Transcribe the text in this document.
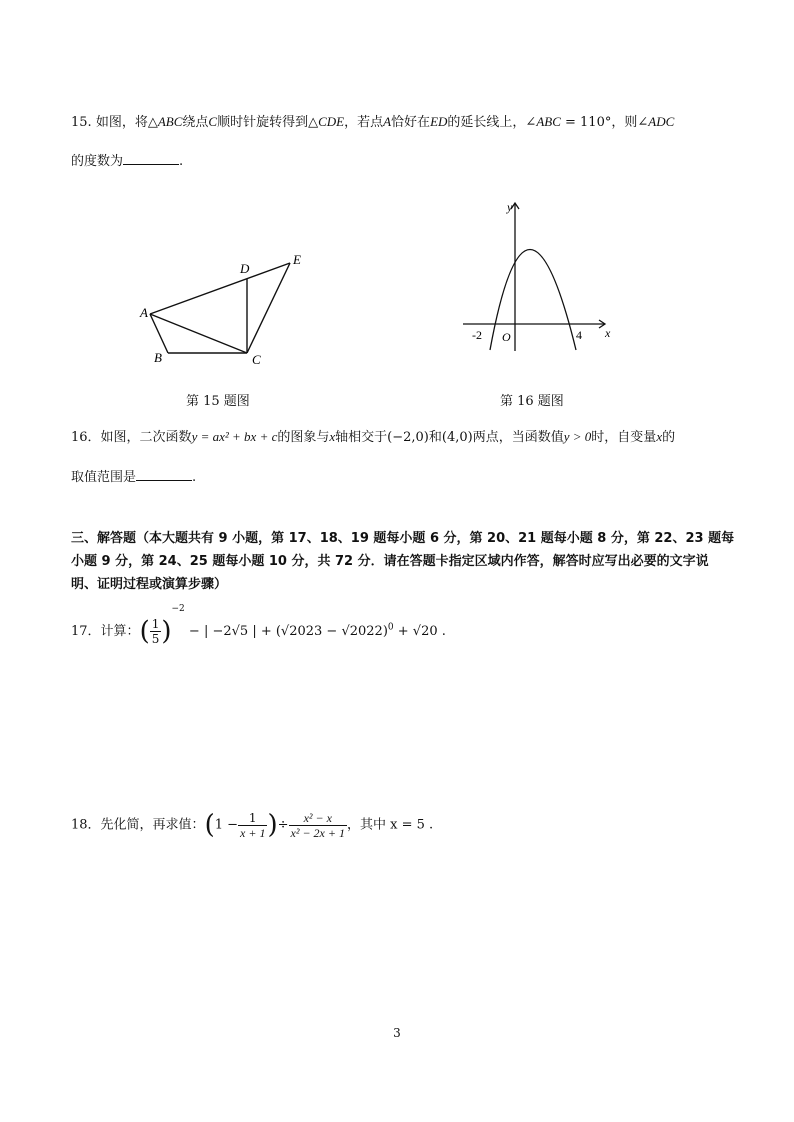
15. 如图，将△ABC绕点C顺时针旋转得到△CDE，若点A恰好在ED的延长线上，∠ABC = 110°，则∠ADC
的度数为	.
A
B	C
D
E
第 15 题图
y
x
O
-2	4
第 16 题图
16．如图，二次函数y = ax² + bx + c的图象与x轴相交于(−2,0)和(4,0)两点，当函数值y > 0时，自变量x的
取值范围是	.
三、解答题（本大题共有 9 小题，第 17、18、19 题每小题 6 分，第 20、21 题每小题 8 分，第 22、23 题每
小题 9 分，第 24、25 题每小题 10 分，共 72 分．请在答题卡指定区域内作答，解答时应写出必要的文字说
明、证明过程或演算步骤）
17．计算：( $\frac{1}{5} )^{-2}$ − | −2√5 | + $(√2023 - √2022)^0 + √20$ .
18．先化简，再求值：($1 - \frac{1}{x + 1}$ )÷ $\frac{\text{x² − x}}{\text{x² − 2x + 1}}$ ，其中 x = 5 .
3
